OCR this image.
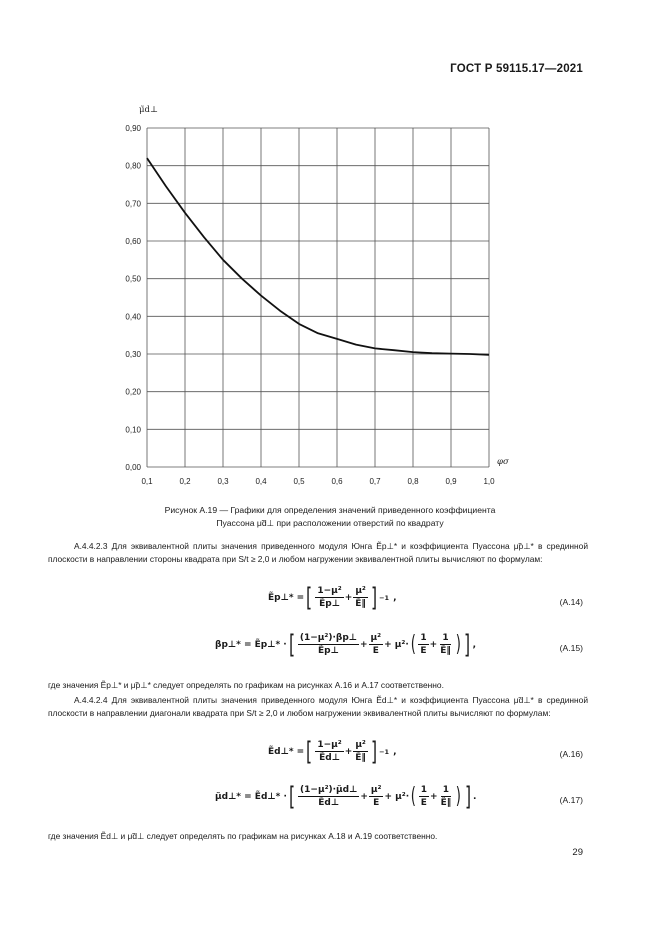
ГОСТ Р 59115.17—2021
0,1	0,2	0,3	0,4	0,5	0,6	0,7	0,8	0,9	1,0
0,00
0,10
0,20
0,30
0,40
0,50
0,60
0,70
0,80
0,90
μ̃d⊥
φσ
Рисунок А.19 — Графики для определения значений приведенного коэффициента
Пуассона μ̃d⊥ при расположении отверстий по квадрату
А.4.4.2.3 Для эквивалентной плиты значения приведенного модуля Юнга Ẽp⊥* и коэффициента Пуассона μ̃p⊥* в срединной плоскости в направлении стороны квадрата при S/t ≥ 2,0 и любом нагружении эквивалентной плиты вычисляют по формулам:
Ẽp⊥* = [ $\frac{\text{1−μ²}}{\text{Ẽp⊥}} + \frac{\text{μ²}}{\text{Ẽ‖}}$ ] −1 ,	(А.14)
βp⊥* = Ẽp⊥* · [ $\frac{\text{(1−μ²)·βp⊥}}{\text{Ẽp⊥}} + \frac{\text{μ²}}{E} + \mu^2\cdot$ ( $\frac{1}{E} + \frac{1}{\text{Ẽ‖}}$ ) ] ,	(А.15)
где значения Ẽp⊥* и μ̃p⊥* следует определять по графикам на рисунках А.16 и А.17 соответственно.
А.4.4.2.4 Для эквивалентной плиты значения приведенного модуля Юнга Ẽd⊥* и коэффициента Пуассона μ̃d⊥* в срединной плоскости в направлении диагонали квадрата при S/t ≥ 2,0 и любом нагружении эквивалентной плиты вычисляют по формулам:
Ẽd⊥* = [ $\frac{\text{1−μ²}}{\text{Ẽd⊥}} + \frac{\text{μ²}}{\text{Ẽ‖}}$ ] −1 ,	(А.16)
μ̃d⊥* = Ẽd⊥* · [ $\frac{\text{(1−μ²)·μ̃d⊥}}{\text{Ẽd⊥}} + \frac{\text{μ²}}{E} + \mu^2\cdot$ ( $\frac{1}{E} + \frac{1}{\text{Ẽ‖}}$ ) ] .	(А.17)
где значения Ẽd⊥ и μ̃d⊥ следует определять по графикам на рисунках А.18 и А.19 соответственно.
29
